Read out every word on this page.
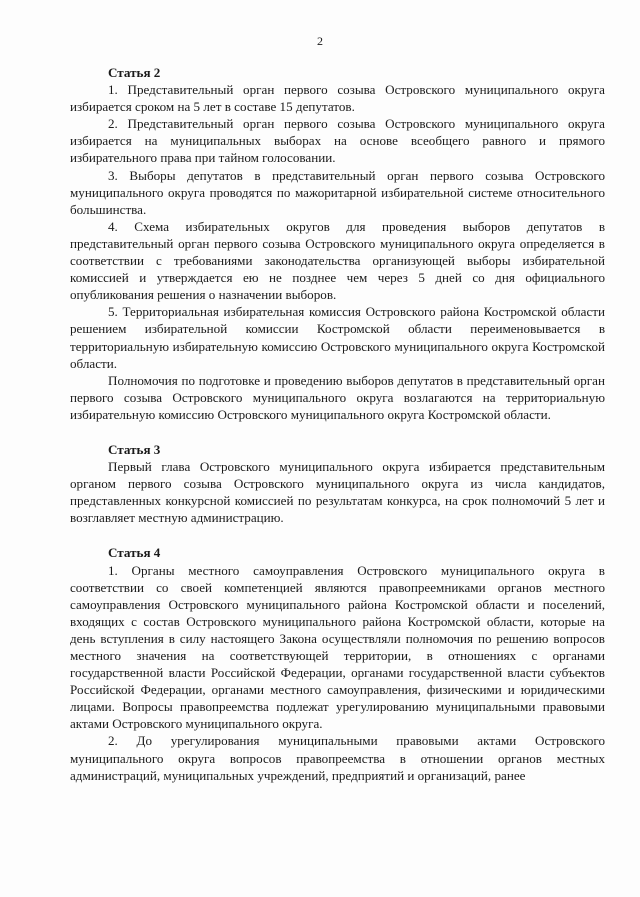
2

Статья 2

1. Представительный орган первого созыва Островского муниципального округа избирается сроком на 5 лет в составе 15 депутатов.

2. Представительный орган первого созыва Островского муниципального округа избирается на муниципальных выборах на основе всеобщего равного и прямого избирательного права при тайном голосовании.

3. Выборы депутатов в представительный орган первого созыва Островского муниципального округа проводятся по мажоритарной избирательной системе относительного большинства.

4. Схема избирательных округов для проведения выборов депутатов в представительный орган первого созыва Островского муниципального округа определяется в соответствии с требованиями законодательства организующей выборы избирательной комиссией и утверждается ею не позднее чем через 5 дней со дня официального опубликования решения о назначении выборов.

5. Территориальная избирательная комиссия Островского района Костромской области решением избирательной комиссии Костромской области переименовывается в территориальную избирательную комиссию Островского муниципального округа Костромской области.

Полномочия по подготовке и проведению выборов депутатов в представительный орган первого созыва Островского муниципального округа возлагаются на территориальную избирательную комиссию Островского муниципального округа Костромской области.

Статья 3

Первый глава Островского муниципального округа избирается представительным органом первого созыва Островского муниципального округа из числа кандидатов, представленных конкурсной комиссией по результатам конкурса, на срок полномочий 5 лет и возглавляет местную администрацию.

Статья 4

1. Органы местного самоуправления Островского муниципального округа в соответствии со своей компетенцией являются правопреемниками органов местного самоуправления Островского муниципального района Костромской области и поселений, входящих с состав Островского муниципального района Костромской области, которые на день вступления в силу настоящего Закона осуществляли полномочия по решению вопросов местного значения на соответствующей территории, в отношениях с органами государственной власти Российской Федерации, органами государственной власти субъектов Российской Федерации, органами местного самоуправления, физическими и юридическими лицами. Вопросы правопреемства подлежат урегулированию муниципальными правовыми актами Островского муниципального округа.

2. До урегулирования муниципальными правовыми актами Островского муниципального округа вопросов правопреемства в отношении органов местных администраций, муниципальных учреждений, предприятий и организаций, ранее
